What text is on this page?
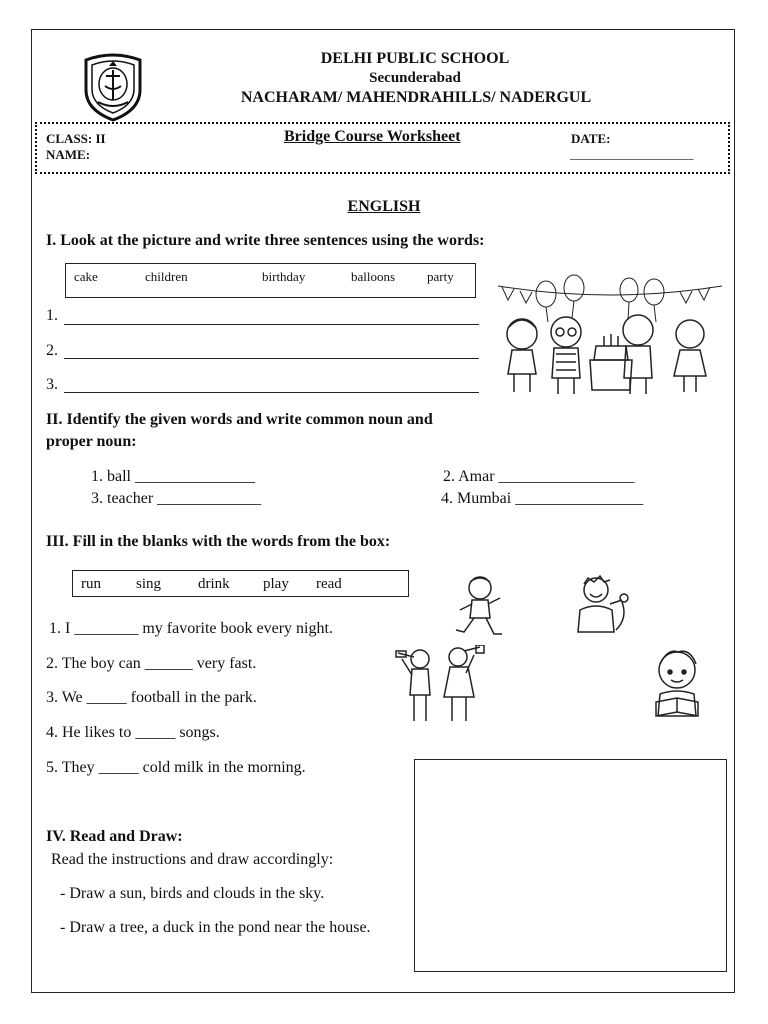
DELHI PUBLIC SCHOOL
Secunderabad
NACHARAM/ MAHENDRAHILLS/ NADERGUL
CLASS: II
NAME:
Bridge Course Worksheet	DATE:
___________________
ENGLISH
I. Look at the picture and write three sentences using the words:
cake	children	birthday	balloons party
1.
2.
3.
II. Identify the given words and write common noun and
proper noun:
1. ball _______________	2. Amar _________________
3. teacher _____________	4. Mumbai ________________
III. Fill in the blanks with the words from the box:
run sing drink play read
1. I ________ my favorite book every night.
2. The boy can ______ very fast.
3. We _____ football in the park.
4. He likes to _____ songs.
5. They _____ cold milk in the morning.
IV. Read and Draw:
Read the instructions and draw accordingly:
- Draw a sun, birds and clouds in the sky.
- Draw a tree, a duck in the pond near the house.
